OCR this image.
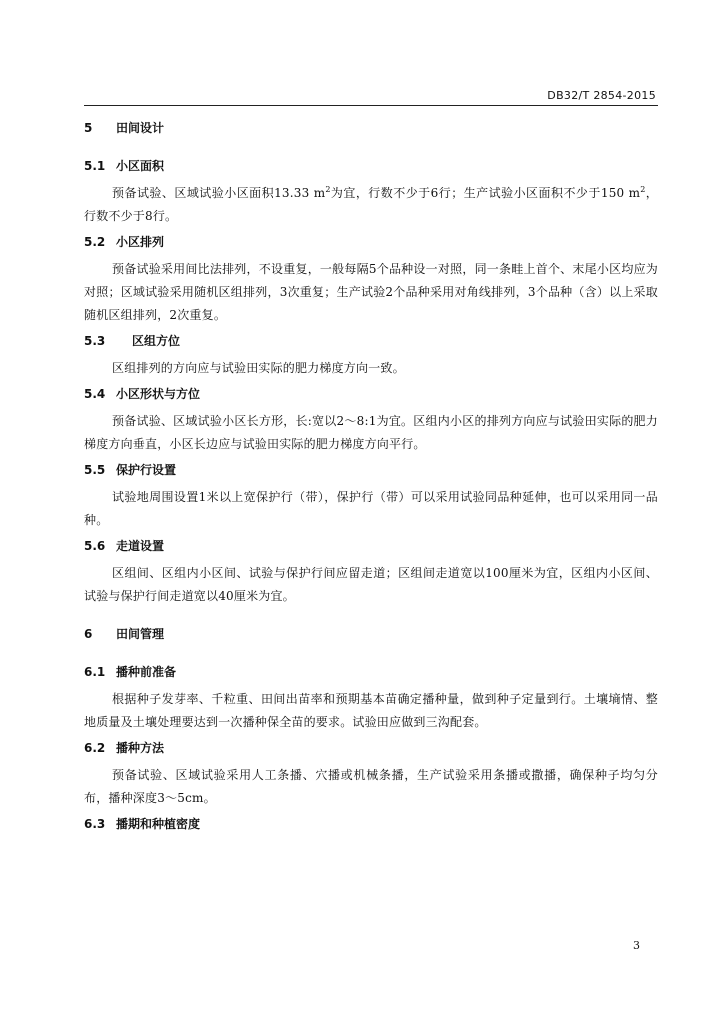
DB32/T 2854-2015
5 田间设计
5.1 小区面积

预备试验、区域试验小区面积13.33 $m^2$为宜，行数不少于6行；生产试验小区面积不少于150 $m^2$，行数不少于8行。

5.2 小区排列

预备试验采用间比法排列，不设重复，一般每隔5个品种设一对照，同一条畦上首个、末尾小区均应为对照；区域试验采用随机区组排列，3次重复；生产试验2个品种采用对角线排列，3个品种（含）以上采取随机区组排列，2次重复。

5.3 区组方位

区组排列的方向应与试验田实际的肥力梯度方向一致。

5.4 小区形状与方位

预备试验、区域试验小区长方形，长:宽以2～8:1为宜。区组内小区的排列方向应与试验田实际的肥力梯度方向垂直，小区长边应与试验田实际的肥力梯度方向平行。

5.5 保护行设置

试验地周围设置1米以上宽保护行（带），保护行（带）可以采用试验同品种延伸，也可以采用同一品种。

5.6 走道设置

区组间、区组内小区间、试验与保护行间应留走道；区组间走道宽以100厘米为宜，区组内小区间、试验与保护行间走道宽以40厘米为宜。

6 田间管理
6.1 播种前准备

根据种子发芽率、千粒重、田间出苗率和预期基本苗确定播种量，做到种子定量到行。土壤墒情、整地质量及土壤处理要达到一次播种保全苗的要求。试验田应做到三沟配套。

6.2 播种方法

预备试验、区域试验采用人工条播、穴播或机械条播，生产试验采用条播或撒播，确保种子均匀分布，播种深度3～5cm。

6.3 播期和种植密度
3
